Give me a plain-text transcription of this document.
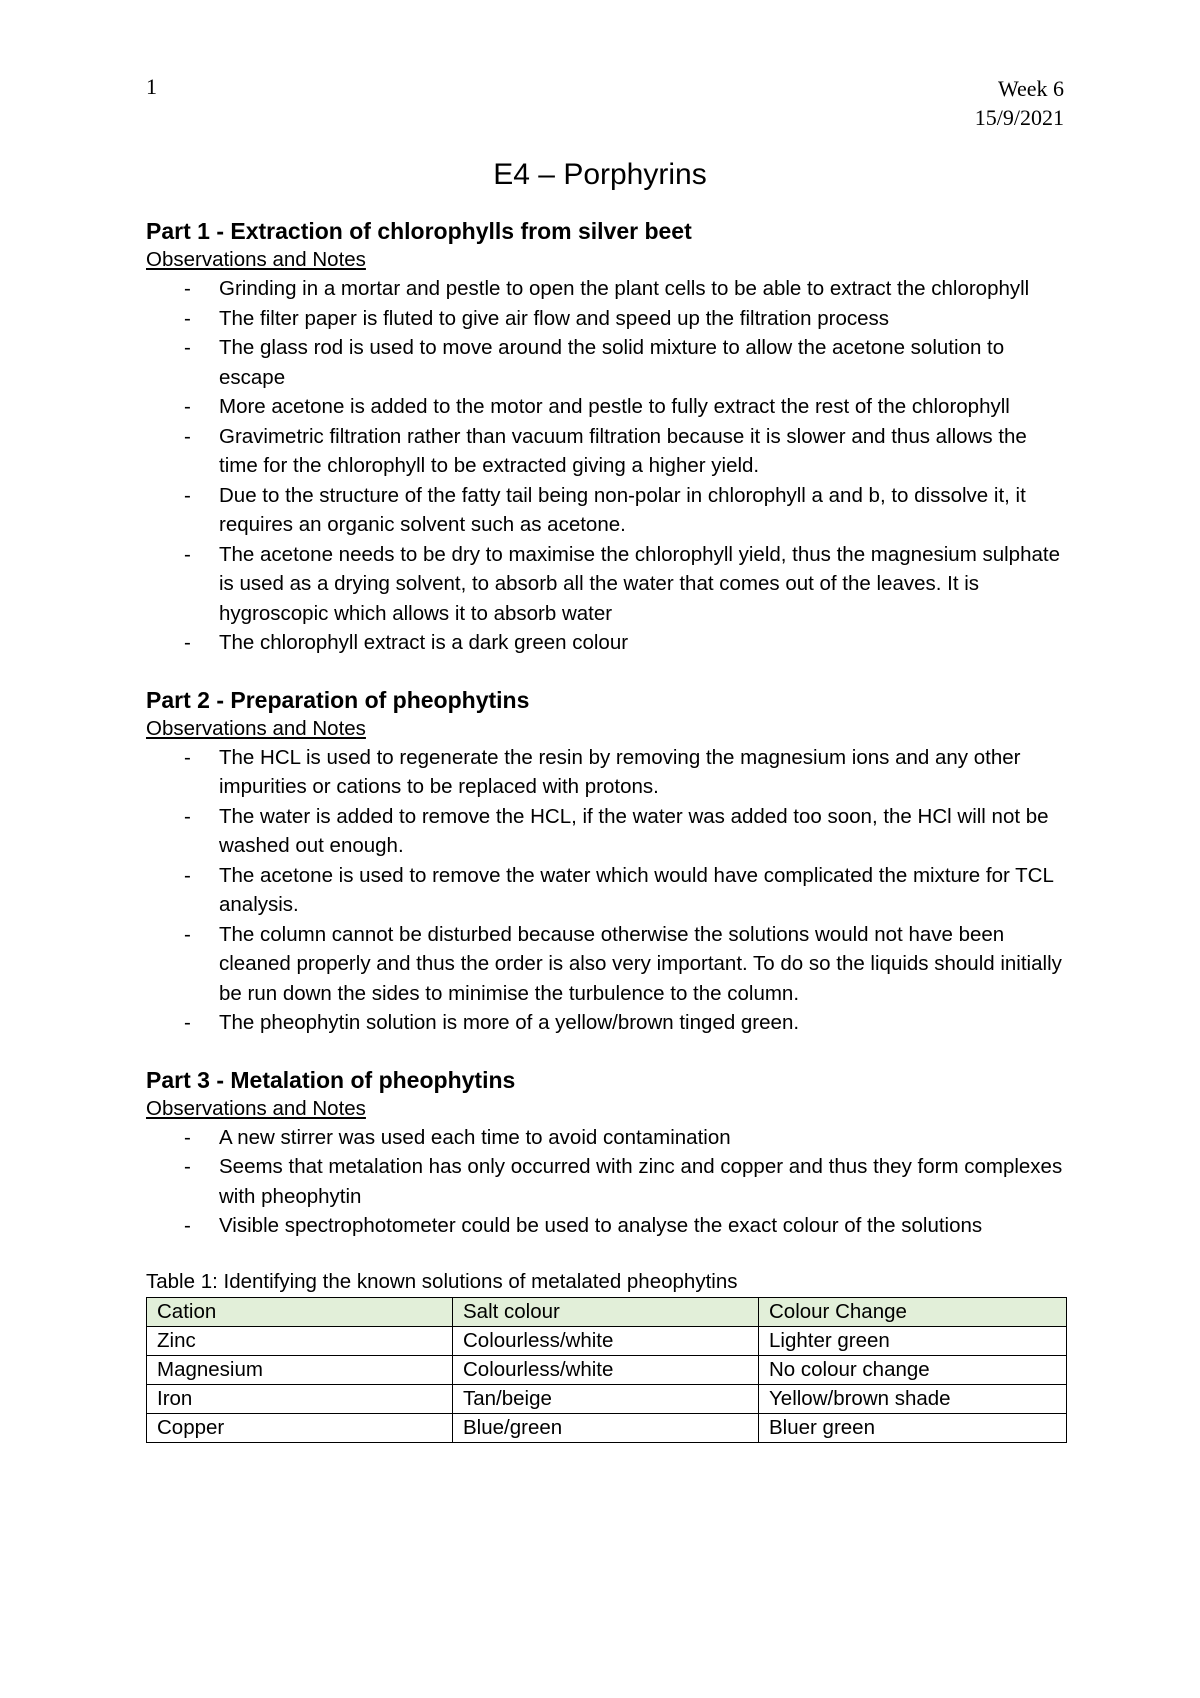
1	Week 6
15/9/2021
E4 – Porphyrins
Part 1 - Extraction of chlorophylls from silver beet

Observations and Notes

- Grinding in a mortar and pestle to open the plant cells to be able to extract the chlorophyll
- The filter paper is fluted to give air flow and speed up the filtration process
- The glass rod is used to move around the solid mixture to allow the acetone solution to escape
- More acetone is added to the motor and pestle to fully extract the rest of the chlorophyll
- Gravimetric filtration rather than vacuum filtration because it is slower and thus allows the time for the chlorophyll to be extracted giving a higher yield.
- Due to the structure of the fatty tail being non-polar in chlorophyll a and b, to dissolve it, it requires an organic solvent such as acetone.
- The acetone needs to be dry to maximise the chlorophyll yield, thus the magnesium sulphate is used as a drying solvent, to absorb all the water that comes out of the leaves. It is hygroscopic which allows it to absorb water
- The chlorophyll extract is a dark green colour
Part 2 - Preparation of pheophytins

Observations and Notes

- The HCL is used to regenerate the resin by removing the magnesium ions and any other impurities or cations to be replaced with protons.
- The water is added to remove the HCL, if the water was added too soon, the HCl will not be washed out enough.
- The acetone is used to remove the water which would have complicated the mixture for TCL analysis.
- The column cannot be disturbed because otherwise the solutions would not have been cleaned properly and thus the order is also very important. To do so the liquids should initially be run down the sides to minimise the turbulence to the column.
- The pheophytin solution is more of a yellow/brown tinged green.
Part 3 - Metalation of pheophytins

Observations and Notes

- A new stirrer was used each time to avoid contamination
- Seems that metalation has only occurred with zinc and copper and thus they form complexes with pheophytin
- Visible spectrophotometer could be used to analyse the exact colour of the solutions

Table 1: Identifying the known solutions of metalated pheophytins

Cation	Salt colour	Colour Change
Zinc	Colourless/white	Lighter green
Magnesium	Colourless/white	No colour change
Iron	Tan/beige	Yellow/brown shade
Copper	Blue/green	Bluer green
